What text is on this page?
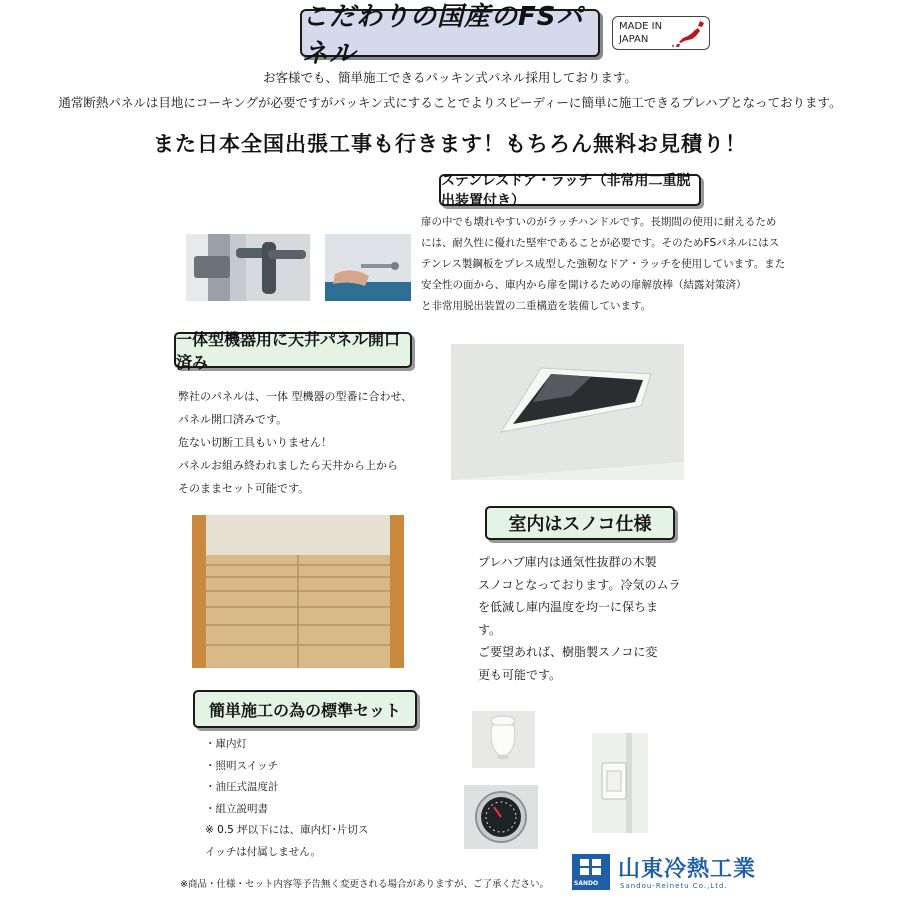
こだわりの国産のFSパネル
MADE IN
JAPAN
お客様でも、簡単施工できるパッキン式パネル採用しております。
通常断熱パネルは目地にコーキングが必要ですがパッキン式にすることでよりスピーディーに簡単に施工できるプレハブとなっております。
また日本全国出張工事も行きます！もちろん無料お見積り！
ステンレスドア・ラッチ（非常用二重脱出装置付き）
扉の中でも壊れやすいのがラッチハンドルです。長期間の使用に耐えるため
には、耐久性に優れた堅牢であることが必要です。そのためFSパネルにはス
テンレス製鋼板をプレス成型した強靭なドア・ラッチを使用しています。また
安全性の面から、庫内から扉を開けるための扉解放棒（結露対策済）
と非常用脱出装置の二重構造を装備しています。
一体型機器用に天井パネル開口済み
弊社のパネルは、一体 型機器の型番に合わせ、
パネル開口済みです。
危ない切断工具もいりません！
パネルお組み終われましたら天井から上から
そのままセット可能です。
室内はスノコ仕様
プレハブ庫内は通気性抜群の木製
スノコとなっております。冷気のムラ
を低減し庫内温度を均一に保ちま
す。
ご要望あれば、樹脂製スノコに変
更も可能です。
簡単施工の為の標準セット
・庫内灯
・照明スイッチ
・油圧式温度計
・組立説明書
※ 0.5 坪以下には、庫内灯･片切ス
イッチは付属しません。
※商品・仕様・セット内容等予告無く変更される場合がありますが、ご了承ください。	SANDO
山東冷熱工業
Sandou-Reinetu Co.,Ltd.
